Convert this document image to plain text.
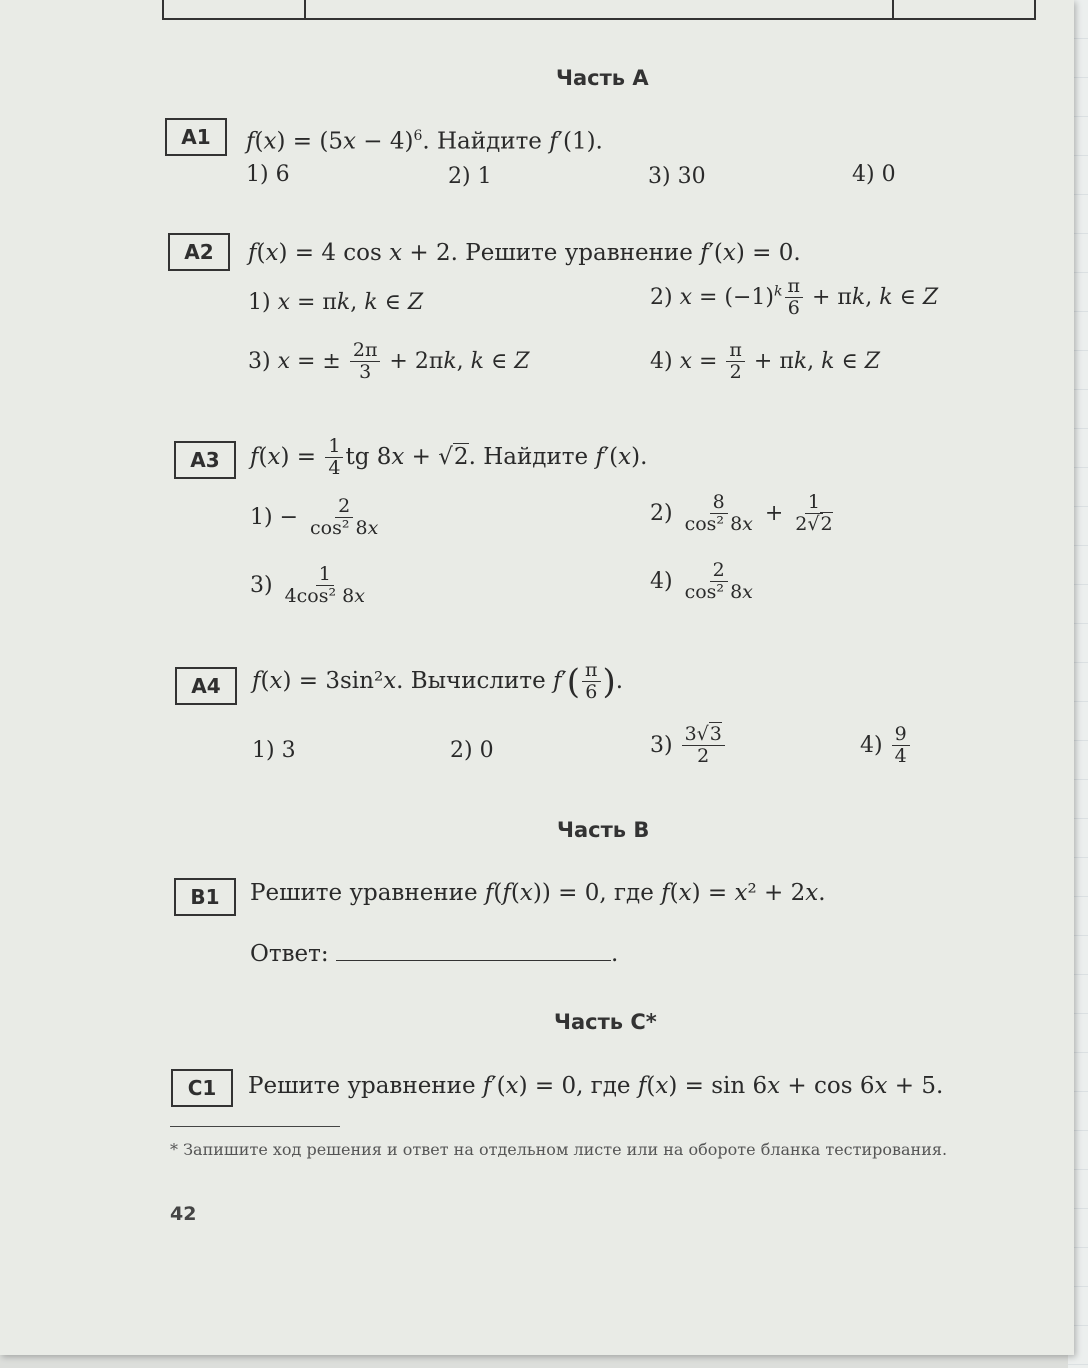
Часть A
A1	$f(x) = (5x - 4)^6$. Найдите f′(1).
1) 6	2) 1	3) 30	4) 0
A2	f(x) = 4 cos x + 2. Решите уравнение f′(x) = 0.
1) x = πk, k ∈ Z	2) $x = (-1)^k \frac{\pi}{6} + \pi k$, k ∈ Z
3) x = ± $\frac{2\pi}{3} + 2\pi k$, k ∈ Z	4) $x = \frac{\pi}{2} + \pi k$, k ∈ Z
A3	$f(x) = \frac{1}{4}$ tg 8x + √2. Найдите f′(x).
$1) - \frac{2}{\text{cos² 8x}}$	$2) \frac{8}{\text{cos² 8x}} + \frac{1}{2√2}$
$3) \frac{1}{\text{4cos² 8x}}$	$4) \frac{2}{\text{cos² 8x}}$
A4	f(x) = 3sin²x. Вычислите $f'( \frac{\pi}{6}$ ).
1) 3	2) 0	$3) \frac{3√3}{2}$	$4) \frac{9}{4}$
Часть B
B1	Решите уравнение f(f(x)) = 0, где f(x) = x² + 2x.
Ответ:	.
Часть C*
C1	Решите уравнение f′(x) = 0, где f(x) = sin 6x + cos 6x + 5.
* Запишите ход решения и ответ на отдельном листе или на обороте бланка тестирования.
42
